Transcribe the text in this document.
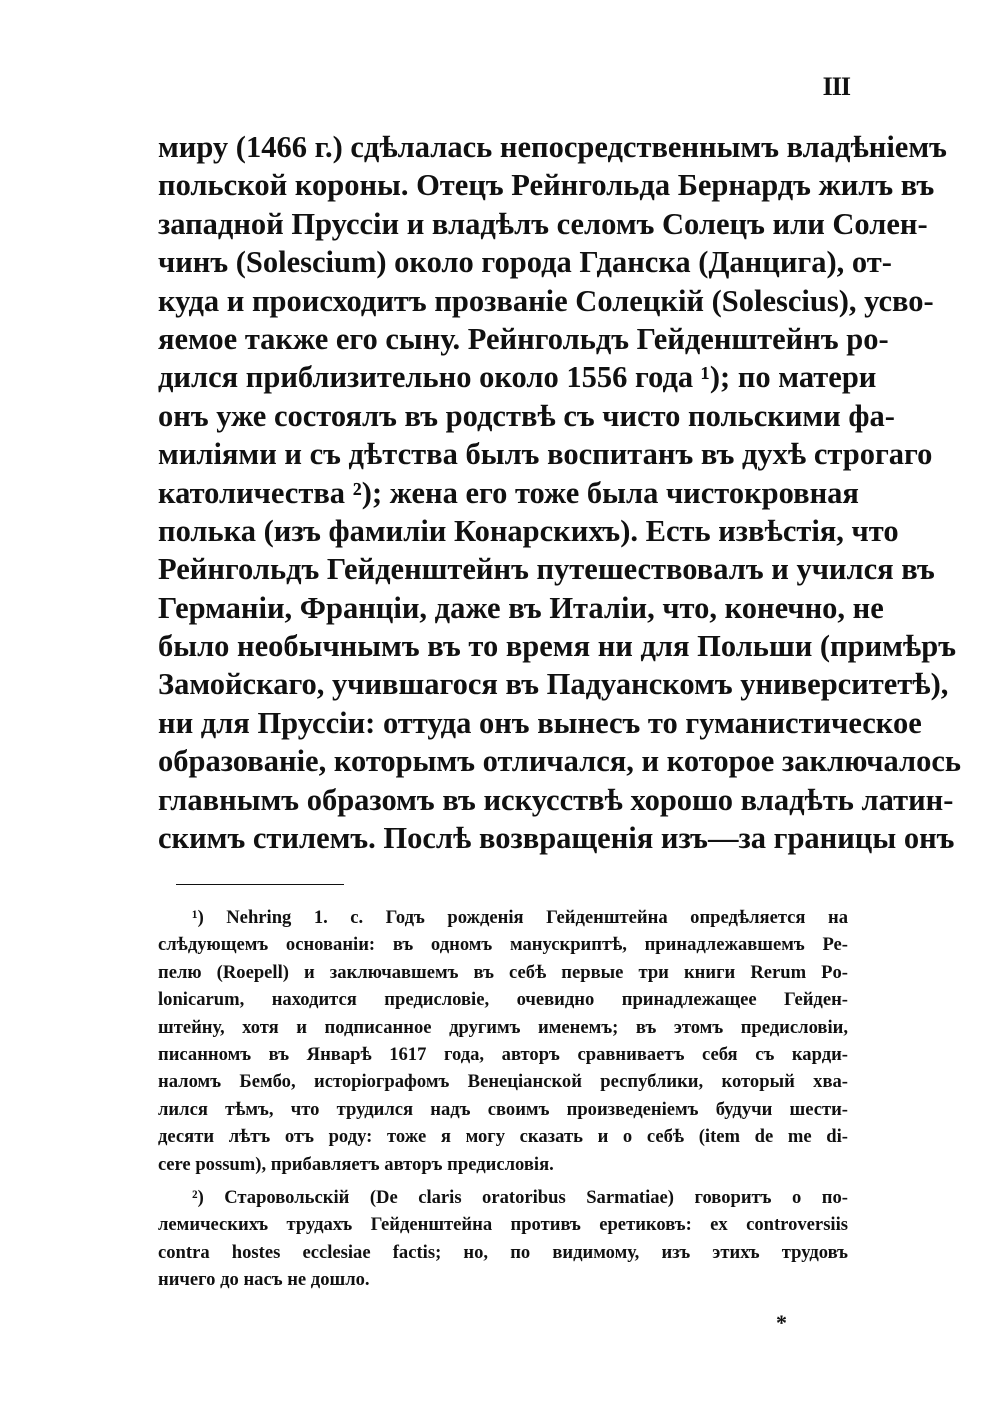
III
миру (1466 г.) сдѣлалась непосредственнымъ владѣніемъ
польской короны. Отецъ Рейнгольда Бернардъ жилъ въ
западной Пруссіи и владѣлъ селомъ Солецъ или Солен-
чинъ (Solescium) около города Гданска (Данцига), от-
куда и происходитъ прозваніе Солецкій (Solescius), усво-
яемое также его сыну. Рейнгольдъ Гейденштейнъ ро-
дился приблизительно около 1556 года ¹); по матери
онъ уже состоялъ въ родствѣ съ чисто польскими фа-
миліями и съ дѣтства былъ воспитанъ въ духѣ строгаго
католичества ²); жена его тоже была чистокровная
полька (изъ фамиліи Конарскихъ). Есть извѣстія, что
Рейнгольдъ Гейденштейнъ путешествовалъ и учился въ
Германіи, Франціи, даже въ Италіи, что, конечно, не
было необычнымъ въ то время ни для Польши (примѣръ
Замойскаго, учившагося въ Падуанскомъ университетѣ),
ни для Пруссіи: оттуда онъ вынесъ то гуманистическое
образованіе, которымъ отличался, и которое заключалось
главнымъ образомъ въ искусствѣ хорошо владѣть латин-
скимъ стилемъ. Послѣ возвращенія изъ—за границы онъ
¹) Nehring 1. c. Годъ рожденія Гейденштейна опредѣляется на
слѣдующемъ основаніи: въ одномъ манускриптѣ, принадлежавшемъ Ре-
пелю (Roepell) и заключавшемъ въ себѣ первые три книги Rerum Po-
lonicarum, находится предисловіе, очевидно принадлежащее Гейден-
штейну, хотя и подписанное другимъ именемъ; въ этомъ предисловіи,
писанномъ въ Январѣ 1617 года, авторъ сравниваетъ себя съ карди-
наломъ Бембо, исторіографомъ Венеціанской республики, который хва-
лился тѣмъ, что трудился надъ своимъ произведеніемъ будучи шести-
десяти лѣтъ отъ роду: тоже я могу сказать и о себѣ (item de me di-
cere possum), прибавляетъ авторъ предисловія.
²) Старовольскій (De claris oratoribus Sarmatiae) говоритъ о по-
лемическихъ трудахъ Гейденштейна противъ еретиковъ: ex controversiis
contra hostes ecclesiae factis; но, по видимому, изъ этихъ трудовъ
ничего до насъ не дошло.
*
